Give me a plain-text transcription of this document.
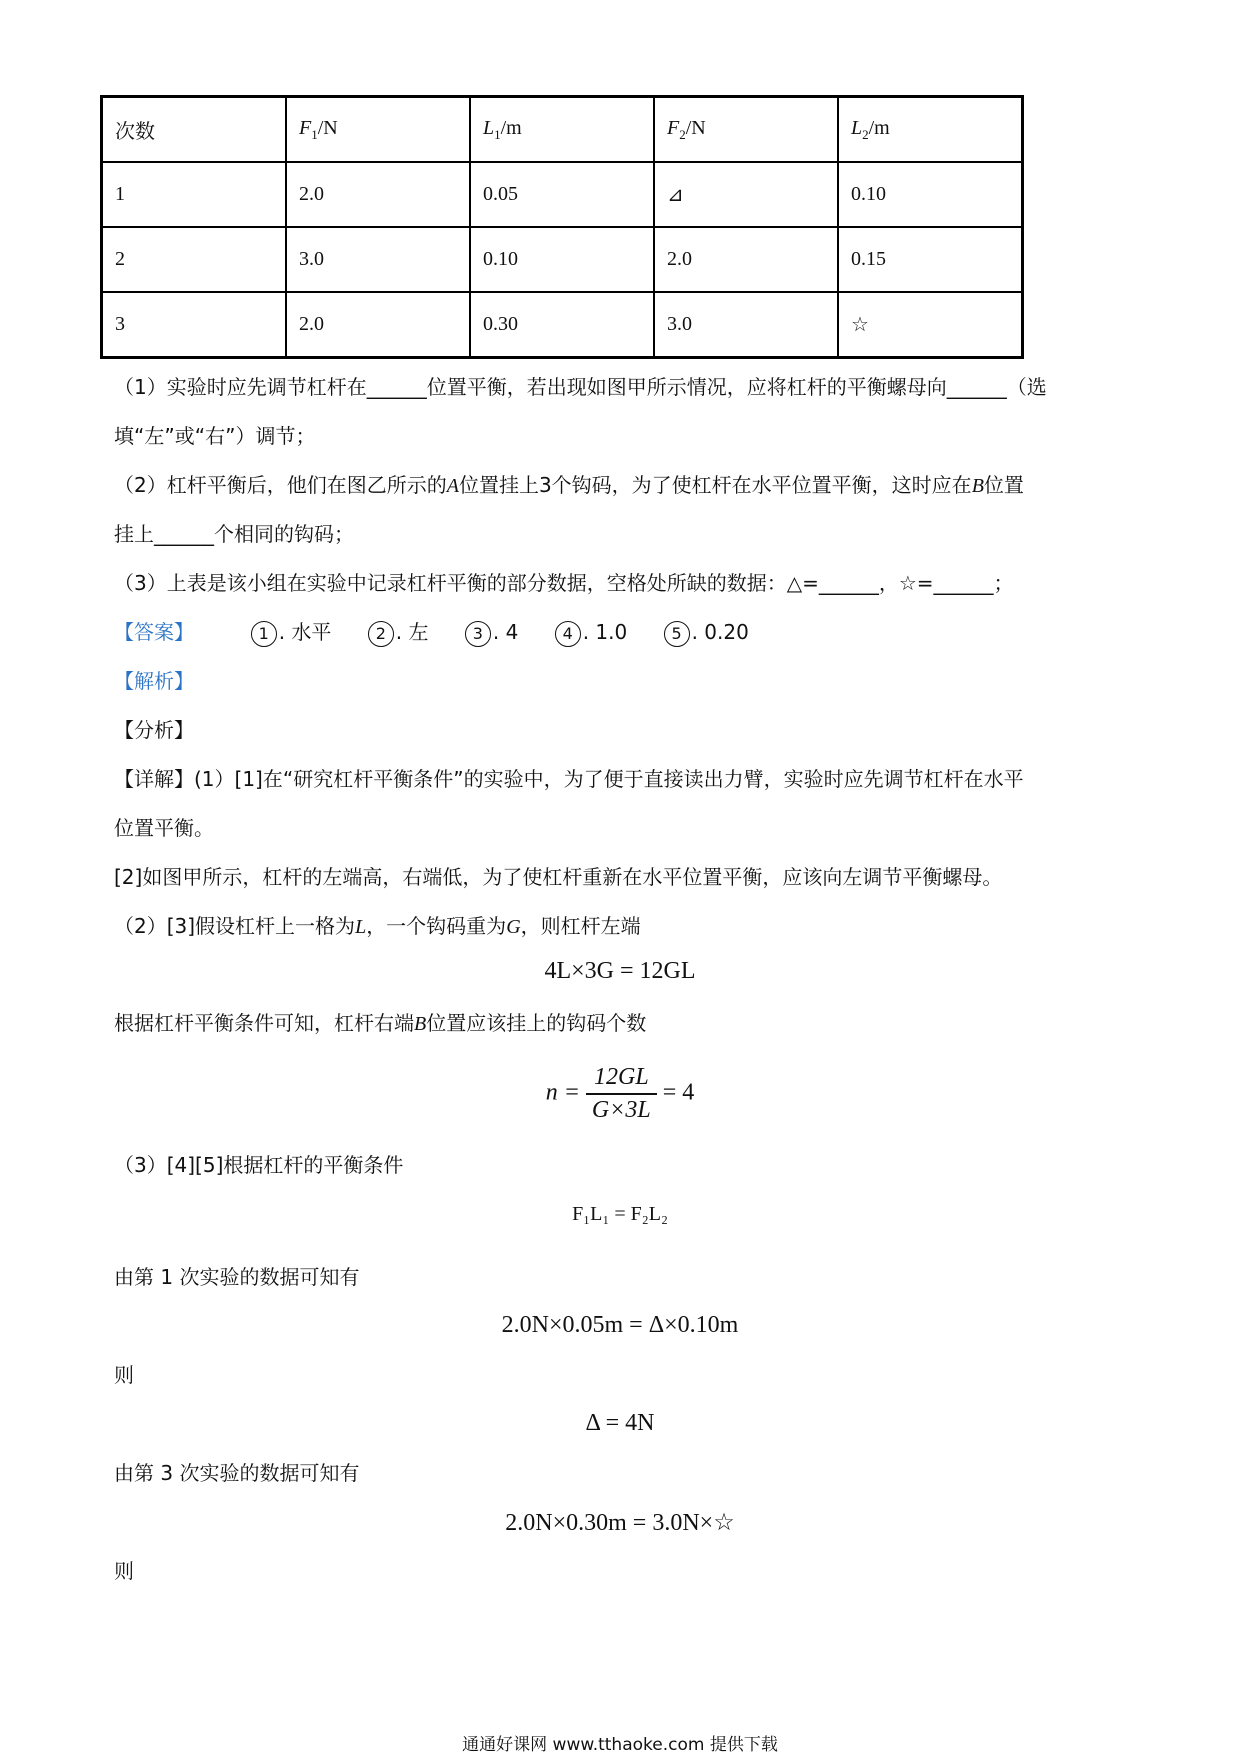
次数	$F_1/N$	$L_1/m$	$F_2/N$	$L_2/m$
1	2.0	0.05	⊿	0.10
2	3.0	0.10	2.0	0.15
3	2.0	0.30	3.0	☆
（1）实验时应先调节杠杆在______位置平衡，若出现如图甲所示情况，应将杠杆的平衡螺母向______（选
填“左”或“右”）调节；
（2）杠杆平衡后，他们在图乙所示的A位置挂上3个钩码，为了使杠杆在水平位置平衡，这时应在B位置
挂上______个相同的钩码；
（3）上表是该小组在实验中记录杠杆平衡的部分数据，空格处所缺的数据：△=______，☆=______；
【答案】	1 . 水平	2 . 左	3 . 4	4 . 1.0	5 . 0.20
【解析】
【分析】
【详解】(1）[1]在“研究杠杆平衡条件”的实验中，为了便于直接读出力臂，实验时应先调节杠杆在水平
位置平衡。
[2]如图甲所示，杠杆的左端高，右端低，为了使杠杆重新在水平位置平衡，应该向左调节平衡螺母。
（2）[3]假设杠杆上一格为L，一个钩码重为G，则杠杆左端
4L×3G = 12GL
根据杠杆平衡条件可知，杠杆右端B位置应该挂上的钩码个数
$n = \frac{12GL}{G\times 3L} = 4$
（3）[4][5]根据杠杆的平衡条件
F₁L₁ = F₂L₂
由第 1 次实验的数据可知有
2.0N×0.05m = Δ×0.10m
则
Δ = 4N
由第 3 次实验的数据可知有
2.0N×0.30m = 3.0N×☆
则
通通好课网 www.tthaoke.com 提供下载
